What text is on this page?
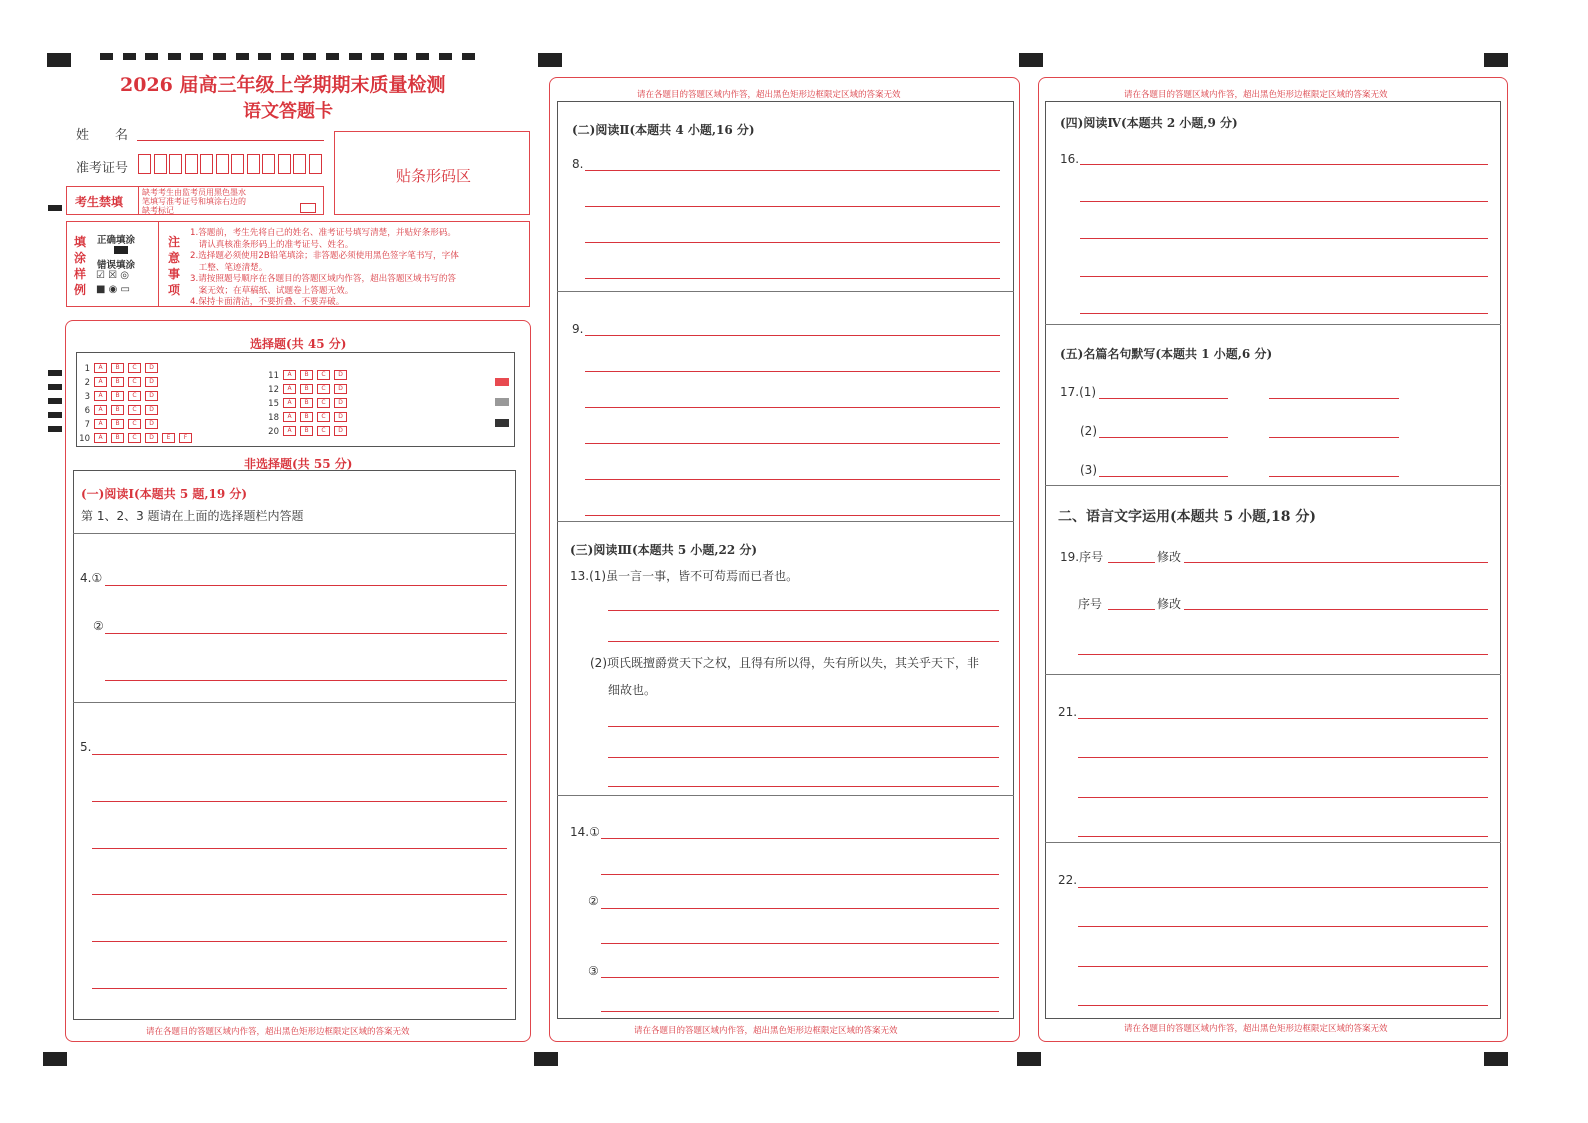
2026 届高三年级上学期期末质量检测
语文答题卡
姓　　名
准考证号	贴条形码区
考生禁填
缺考考生由监考员用黑色墨水
笔填写准考证号和填涂右边的
缺考标记
填
涂
样
例
正确填涂
错误填涂
☑ ☒ ◎
■ ◉ ▭
注
意
事
项
1.答题前，考生先将自己的姓名、准考证号填写清楚，并贴好条形码。
　请认真核准条形码上的准考证号、姓名。
2.选择题必须使用2B铅笔填涂；非答题必须使用黑色签字笔书写，字体
　工整、笔迹清楚。
3.请按照题号顺序在各题目的答题区域内作答，超出答题区域书写的答
　案无效；在草稿纸、试题卷上答题无效。
4.保持卡面清洁，不要折叠、不要弄破。
选择题(共 45 分)
1 A B C D
2 A B C D
3 A B C D
6 A B C D
7 A B C D
10 A B C D E F
11 A B C D
12 A B C D
15 A B C D
18 A B C D
20 A B C D
非选择题(共 55 分)
(一)阅读Ⅰ(本题共 5 题,19 分)
第 1、2、3 题请在上面的选择题栏内答题
4.①
②
5.
请在各题目的答题区域内作答，超出黑色矩形边框限定区域的答案无效
请在各题目的答题区域内作答，超出黑色矩形边框限定区域的答案无效
(二)阅读Ⅱ(本题共 4 小题,16 分)
8.
9.
(三)阅读Ⅲ(本题共 5 小题,22 分)
13.(1)虽一言一事，皆不可苟焉而已者也。
(2)项氏既擅爵赏天下之权，且得有所以得，失有所以失，其关乎天下，非
细故也。
14.①
②
③
请在各题目的答题区域内作答，超出黑色矩形边框限定区域的答案无效
请在各题目的答题区域内作答，超出黑色矩形边框限定区域的答案无效
(四)阅读Ⅳ(本题共 2 小题,9 分)
16.
(五)名篇名句默写(本题共 1 小题,6 分)
17.(1)
(2)
(3)
二、语言文字运用(本题共 5 小题,18 分)
19.序号	修改
序号	修改
21.
22.
请在各题目的答题区域内作答，超出黑色矩形边框限定区域的答案无效
